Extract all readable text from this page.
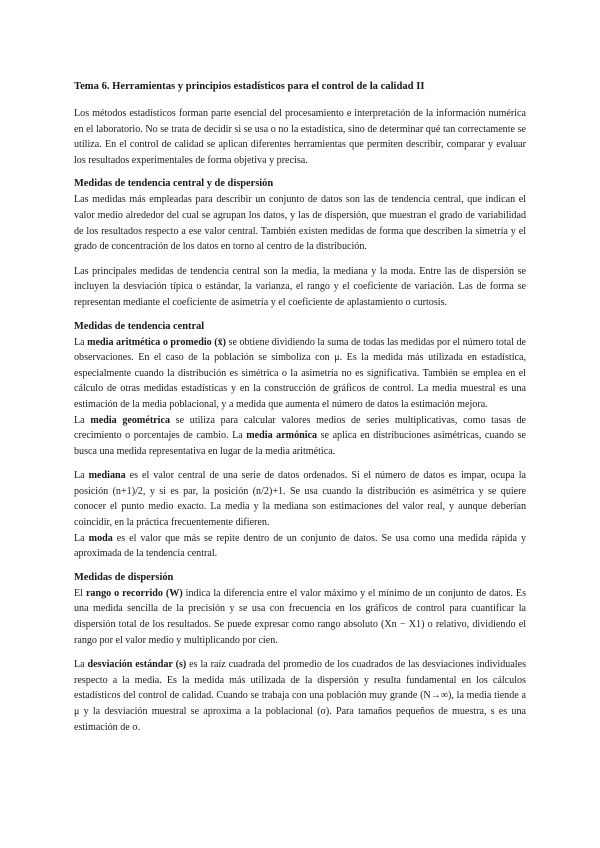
Tema 6. Herramientas y principios estadísticos para el control de la calidad II
Los métodos estadísticos forman parte esencial del procesamiento e interpretación de la información numérica en el laboratorio. No se trata de decidir si se usa o no la estadística, sino de determinar qué tan correctamente se utiliza. En el control de calidad se aplican diferentes herramientas que permiten describir, comparar y evaluar los resultados experimentales de forma objetiva y precisa.
Medidas de tendencia central y de dispersión
Las medidas más empleadas para describir un conjunto de datos son las de tendencia central, que indican el valor medio alrededor del cual se agrupan los datos, y las de dispersión, que muestran el grado de variabilidad de los resultados respecto a ese valor central. También existen medidas de forma que describen la simetría y el grado de concentración de los datos en torno al centro de la distribución.
Las principales medidas de tendencia central son la media, la mediana y la moda. Entre las de dispersión se incluyen la desviación típica o estándar, la varianza, el rango y el coeficiente de variación. Las de forma se representan mediante el coeficiente de asimetría y el coeficiente de aplastamiento o curtosis.
Medidas de tendencia central
La media aritmética o promedio (x̄) se obtiene dividiendo la suma de todas las medidas por el número total de observaciones. En el caso de la población se simboliza con μ. Es la medida más utilizada en estadística, especialmente cuando la distribución es simétrica o la asimetría no es significativa. También se emplea en el cálculo de otras medidas estadísticas y en la construcción de gráficos de control. La media muestral es una estimación de la media poblacional, y a medida que aumenta el número de datos la estimación mejora.
La media geométrica se utiliza para calcular valores medios de series multiplicativas, como tasas de crecimiento o porcentajes de cambio. La media armónica se aplica en distribuciones asimétricas, cuando se busca una medida representativa en lugar de la media aritmética.
La mediana es el valor central de una serie de datos ordenados. Si el número de datos es impar, ocupa la posición (n+1)/2, y si es par, la posición (n/2)+1. Se usa cuando la distribución es asimétrica y se quiere conocer el punto medio exacto. La media y la mediana son estimaciones del valor real, y aunque deberían coincidir, en la práctica frecuentemente difieren.
La moda es el valor que más se repite dentro de un conjunto de datos. Se usa como una medida rápida y aproximada de la tendencia central.
Medidas de dispersión
El rango o recorrido (W) indica la diferencia entre el valor máximo y el mínimo de un conjunto de datos. Es una medida sencilla de la precisión y se usa con frecuencia en los gráficos de control para cuantificar la dispersión total de los resultados. Se puede expresar como rango absoluto (Xn − X1) o relativo, dividiendo el rango por el valor medio y multiplicando por cien.
La desviación estándar (s) es la raíz cuadrada del promedio de los cuadrados de las desviaciones individuales respecto a la media. Es la medida más utilizada de la dispersión y resulta fundamental en los cálculos estadísticos del control de calidad. Cuando se trabaja con una población muy grande (N→∞), la media tiende a μ y la desviación muestral se aproxima a la poblacional (σ). Para tamaños pequeños de muestra, s es una estimación de σ.
